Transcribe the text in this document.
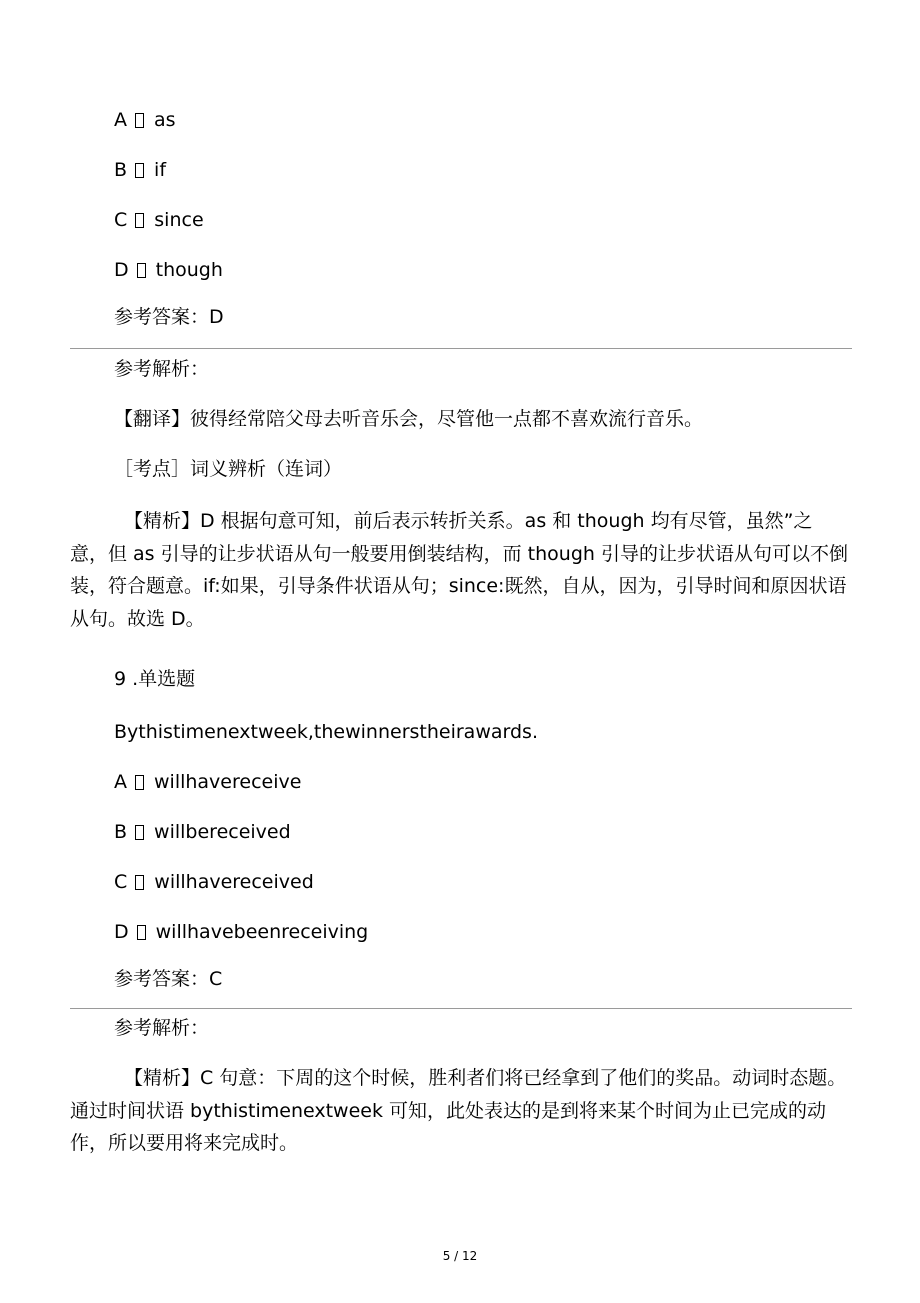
A as
B if
C since
D though
参考答案：D
参考解析：
【翻译】彼得经常陪父母去听音乐会，尽管他一点都不喜欢流行音乐。
［考点］词义辨析（连词）
【精析】D 根据句意可知，前后表示转折关系。as 和 though 均有尽管，虽然”之意，但 as 引导的让步状语从句一般要用倒装结构，而 though 引导的让步状语从句可以不倒装，符合题意。if:如果，引导条件状语从句；since:既然，自从，因为，引导时间和原因状语从句。故选 D。
9 .单选题
Bythistimenextweek,thewinnerstheirawards.
A willhavereceive
B willbereceived
C willhavereceived
D willhavebeenreceiving
参考答案：C
参考解析：
【精析】C 句意：下周的这个时候，胜利者们将已经拿到了他们的奖品。动词时态题。通过时间状语 bythistimenextweek 可知，此处表达的是到将来某个时间为止已完成的动作，所以要用将来完成时。
5 / 12
